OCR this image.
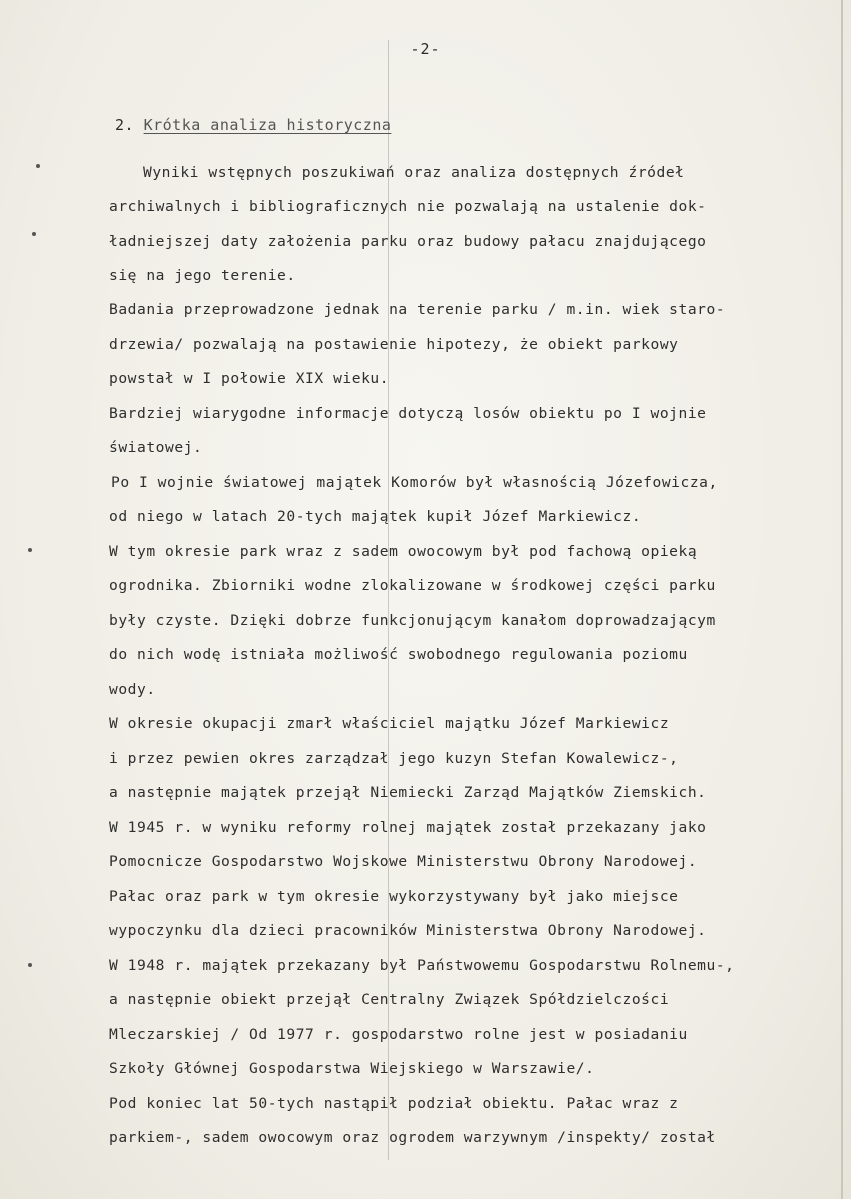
-2-
2. Krótka analiza historyczna
Wyniki wstępnych poszukiwań oraz analiza dostępnych źródeł
archiwalnych i bibliograficznych nie pozwalają na ustalenie dok-
ładniejszej daty założenia parku oraz budowy pałacu znajdującego
się na jego terenie.
Badania przeprowadzone jednak na terenie parku / m.in. wiek staro-
drzewia/ pozwalają na postawienie hipotezy, że obiekt parkowy
powstał w I połowie XIX wieku.
Bardziej wiarygodne informacje dotyczą losów obiektu po I wojnie
światowej.
Po I wojnie światowej majątek Komorów był własnością Józefowicza,
od niego w latach 20-tych majątek kupił Józef Markiewicz.
W tym okresie park wraz z sadem owocowym był pod fachową opieką
ogrodnika. Zbiorniki wodne zlokalizowane w środkowej części parku
były czyste. Dzięki dobrze funkcjonującym kanałom doprowadzającym
do nich wodę istniała możliwość swobodnego regulowania poziomu
wody.
W okresie okupacji zmarł właściciel majątku Józef Markiewicz
i przez pewien okres zarządzał jego kuzyn Stefan Kowalewicz-,
a następnie majątek przejął Niemiecki Zarząd Majątków Ziemskich.
W 1945 r. w wyniku reformy rolnej majątek został przekazany jako
Pomocnicze Gospodarstwo Wojskowe Ministerstwu Obrony Narodowej.
Pałac oraz park w tym okresie wykorzystywany był jako miejsce
wypoczynku dla dzieci pracowników Ministerstwa Obrony Narodowej.
W 1948 r. majątek przekazany był Państwowemu Gospodarstwu Rolnemu-,
a następnie obiekt przejął Centralny Związek Spółdzielczości
Mleczarskiej / Od 1977 r. gospodarstwo rolne jest w posiadaniu
Szkoły Głównej Gospodarstwa Wiejskiego w Warszawie/.
Pod koniec lat 50-tych nastąpił podział obiektu. Pałac wraz z
parkiem-, sadem owocowym oraz ogrodem warzywnym /inspekty/ został
